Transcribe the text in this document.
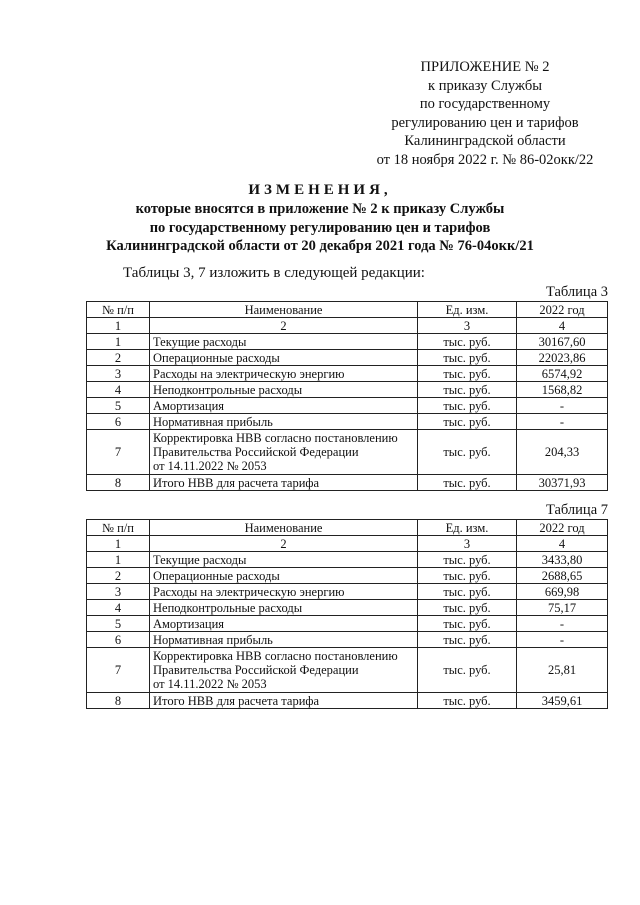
ПРИЛОЖЕНИЕ № 2
к приказу Службы
по государственному
регулированию цен и тарифов
Калининградской области
от 18 ноября 2022 г. № 86-02окк/22
ИЗМЕНЕНИЯ,
которые вносятся в приложение № 2 к приказу Службы
по государственному регулированию цен и тарифов
Калининградской области от 20 декабря 2021 года № 76-04окк/21
Таблицы 3, 7 изложить в следующей редакции:
Таблица 3
№ п/п	Наименование	Ед. изм.	2022 год
1	2	3	4
1	Текущие расходы	тыс. руб.	30167,60
2	Операционные расходы	тыс. руб.	22023,86
3	Расходы на электрическую энергию	тыс. руб.	6574,92
4	Неподконтрольные расходы	тыс. руб.	1568,82
5	Амортизация	тыс. руб.	-
6	Нормативная прибыль	тыс. руб.	-
7	Корректировка НВВ согласно постановлению
Правительства Российской Федерации
от 14.11.2022 № 2053	тыс. руб.	204,33
8	Итого НВВ для расчета тарифа	тыс. руб.	30371,93
Таблица 7
№ п/п	Наименование	Ед. изм.	2022 год
1	2	3	4
1	Текущие расходы	тыс. руб.	3433,80
2	Операционные расходы	тыс. руб.	2688,65
3	Расходы на электрическую энергию	тыс. руб.	669,98
4	Неподконтрольные расходы	тыс. руб.	75,17
5	Амортизация	тыс. руб.	-
6	Нормативная прибыль	тыс. руб.	-
7	Корректировка НВВ согласно постановлению
Правительства Российской Федерации
от 14.11.2022 № 2053	тыс. руб.	25,81
8	Итого НВВ для расчета тарифа	тыс. руб.	3459,61
